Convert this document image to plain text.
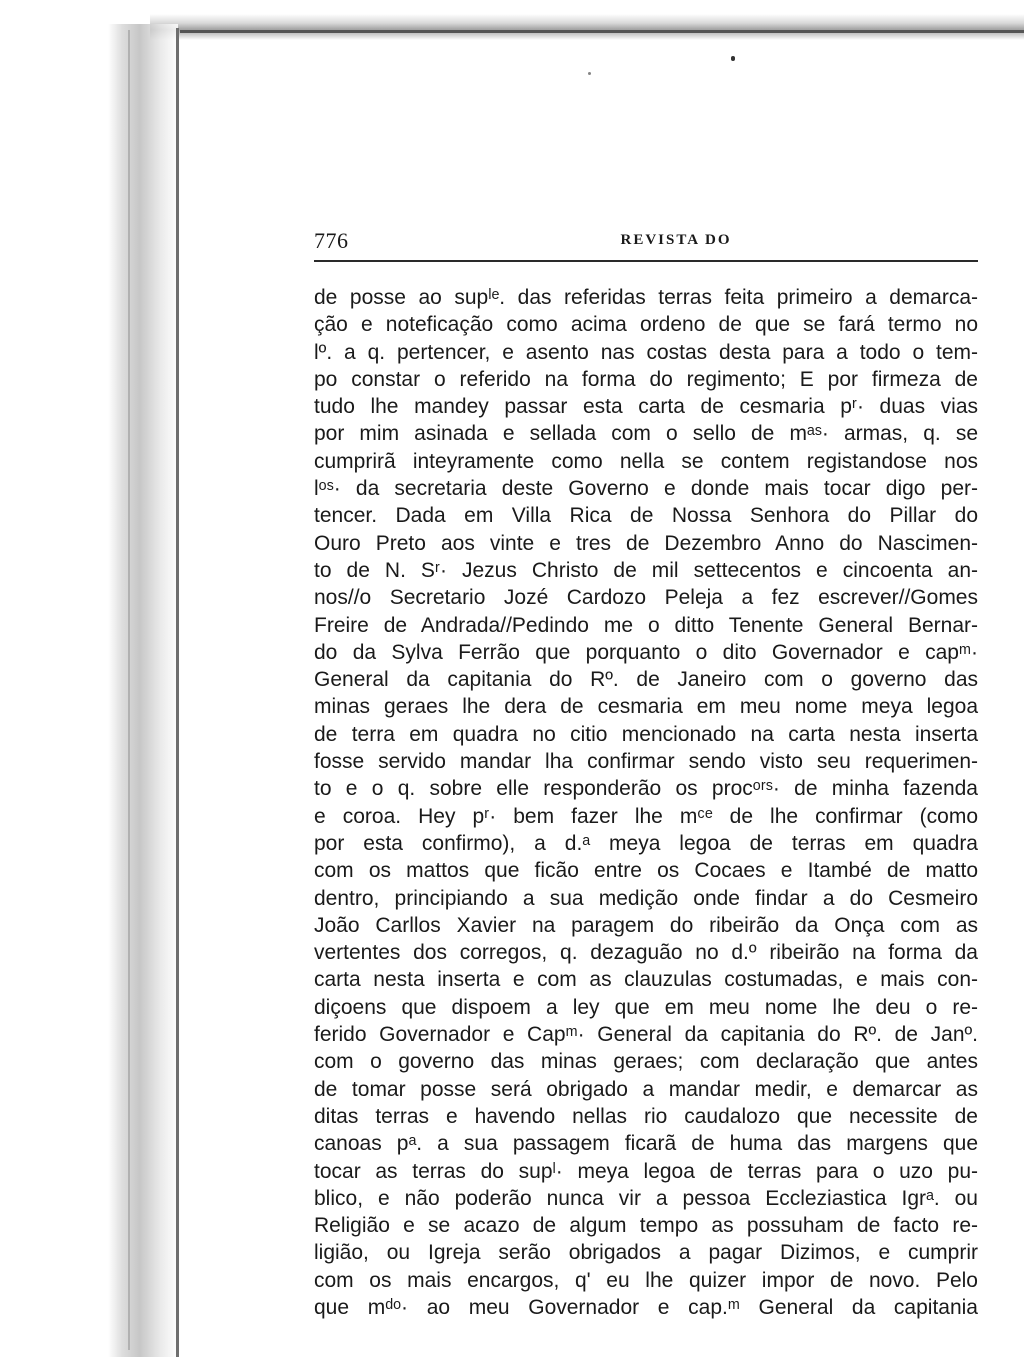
776	REVISTA DO
de posse ao supˡᵉ. das referidas terras feita primeiro a demarca-
ção e noteficação como acima ordeno de que se fará termo no
lº. a q. pertencer, e asento nas costas desta para a todo o tem-
po constar o referido na forma do regimento; E por firmeza de
tudo lhe mandey passar esta carta de cesmaria pʳ· duas vias
por mim asinada e sellada com o sello de mᵃˢ· armas, q. se
cumprirã inteyramente como nella se contem registandose nos
lᵒˢ· da secretaria deste Governo e donde mais tocar digo per-
tencer. Dada em Villa Rica de Nossa Senhora do Pillar do
Ouro Preto aos vinte e tres de Dezembro Anno do Nascimen-
to de N. Sʳ· Jezus Christo de mil settecentos e cincoenta an-
nos//o Secretario Jozé Cardozo Peleja a fez escrever//Gomes
Freire de Andrada//Pedindo me o ditto Tenente General Bernar-
do da Sylva Ferrão que porquanto o dito Governador e capᵐ·
General da capitania do Rº. de Janeiro com o governo das
minas geraes lhe dera de cesmaria em meu nome meya legoa
de terra em quadra no citio mencionado na carta nesta inserta
fosse servido mandar lha confirmar sendo visto seu requerimen-
to e o q. sobre elle responderão os procᵒʳˢ· de minha fazenda
e coroa. Hey pʳ· bem fazer lhe mᶜᵉ de lhe confirmar (como
por esta confirmo), a d.ᵃ meya legoa de terras em quadra
com os mattos que ficão entre os Cocaes e Itambé de matto
dentro, principiando a sua medição onde findar a do Cesmeiro
João Carllos Xavier na paragem do ribeirão da Onça com as
vertentes dos corregos, q. dezaguão no d.º ribeirão na forma da
carta nesta inserta e com as clauzulas costumadas, e mais con-
diçoens que dispoem a ley que em meu nome lhe deu o re-
ferido Governador e Capᵐ· General da capitania do Rº. de Janº.
com o governo das minas geraes; com declaração que antes
de tomar posse será obrigado a mandar medir, e demarcar as
ditas terras e havendo nellas rio caudalozo que necessite de
canoas pᵃ. a sua passagem ficarã de huma das margens que
tocar as terras do supˡ· meya legoa de terras para o uzo pu-
blico, e não poderão nunca vir a pessoa Eccleziastica Igrᵃ. ou
Religião e se acazo de algum tempo as possuham de facto re-
ligião, ou Igreja serão obrigados a pagar Dizimos, e cumprir
com os mais encargos, q' eu lhe quizer impor de novo. Pelo
que mᵈᵒ· ao meu Governador e cap.ᵐ General da capitania
